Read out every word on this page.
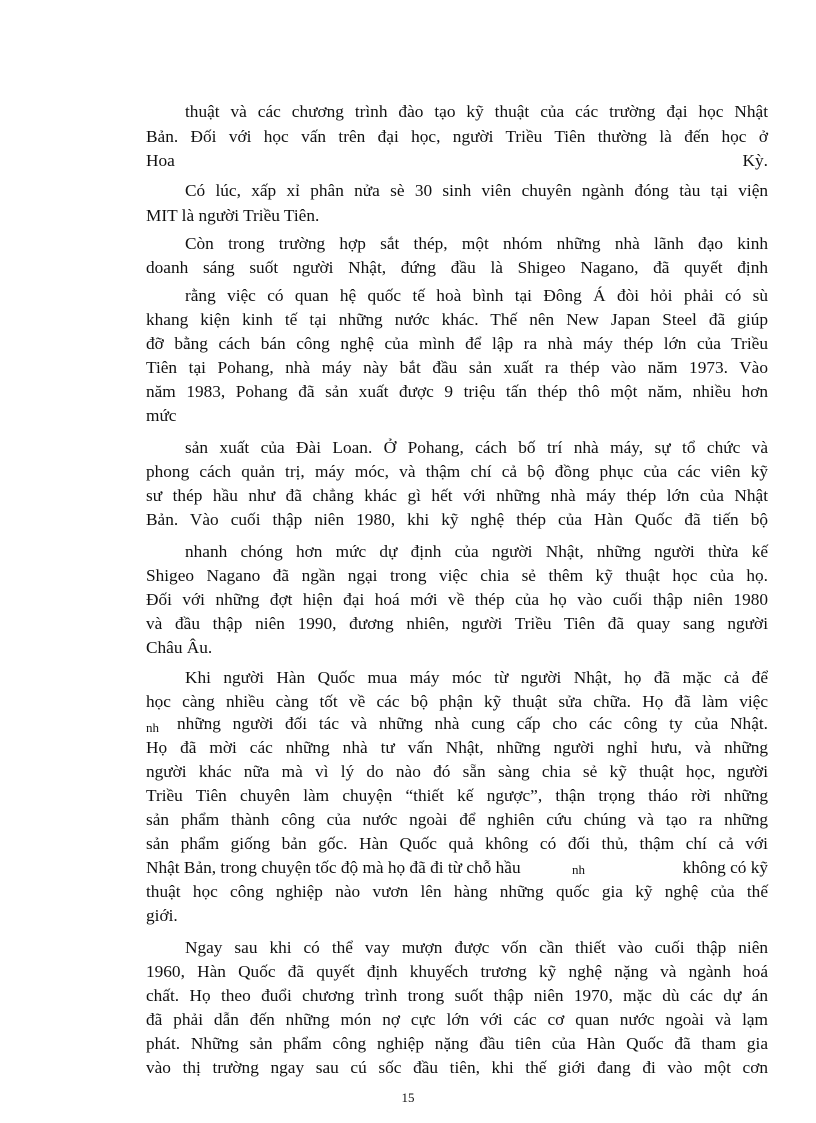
thuật và các chương trình đào tạo kỹ thuật của các trường đại học Nhật
Bản. Đối với học vấn trên đại học, người Triều Tiên thường là đến học ở
Hoa	Kỳ.
Có lúc, xấp xỉ phân nửa sè 30 sinh viên chuyên ngành đóng tàu tại viện
MIT là người Triều Tiên.
Còn trong trường hợp sắt thép, một nhóm những nhà lãnh đạo kinh
doanh sáng suốt người Nhật, đứng đầu là Shigeo Nagano, đã quyết định
rằng việc có quan hệ quốc tế hoà bình tại Đông Á đòi hỏi phải có sù
khang kiện kinh tế tại những nước khác. Thế nên New Japan Steel đã giúp
đỡ bằng cách bán công nghệ của mình để lập ra nhà máy thép lớn của Triều
Tiên tại Pohang, nhà máy này bắt đầu sản xuất ra thép vào năm 1973. Vào
năm 1983, Pohang đã sản xuất được 9 triệu tấn thép thô một năm, nhiều hơn
mức
sản xuất của Đài Loan. Ở Pohang, cách bố trí nhà máy, sự tổ chức và
phong cách quản trị, máy móc, và thậm chí cả bộ đồng phục của các viên kỹ
sư thép hầu như đã chẳng khác gì hết với những nhà máy thép lớn của Nhật
Bản. Vào cuối thập niên 1980, khi kỹ nghệ thép của Hàn Quốc đã tiến bộ
nhanh chóng hơn mức dự định của người Nhật, những người thừa kế
Shigeo Nagano đã ngần ngại trong việc chia sẻ thêm kỹ thuật học của họ.
Đối với những đợt hiện đại hoá mới về thép của họ vào cuối thập niên 1980
và đầu thập niên 1990, đương nhiên, người Triều Tiên đã quay sang người
Châu Âu.
Khi người Hàn Quốc mua máy móc từ người Nhật, họ đã mặc cả để
học càng nhiều càng tốt về các bộ phận kỹ thuật sửa chữa. Họ đã làm việc
nh	những người đối tác và những nhà cung cấp cho các công ty của Nhật.
Họ đã mời các những nhà tư vấn Nhật, những người nghỉ hưu, và những
người khác nữa mà vì lý do nào đó sẵn sàng chia sẻ kỹ thuật học, người
Triều Tiên chuyên làm chuyện “thiết kế ngược”, thận trọng tháo rời những
sản phẩm thành công của nước ngoài để nghiên cứu chúng và tạo ra những
sản phẩm giống bản gốc. Hàn Quốc quả không có đối thủ, thậm chí cả với
Nhật Bản, trong chuyện tốc độ mà họ đã đi từ chỗ hầu	nh	không có kỹ
thuật học công nghiệp nào vươn lên hàng những quốc gia kỹ nghệ của thế
giới.
Ngay sau khi có thể vay mượn được vốn cần thiết vào cuối thập niên
1960, Hàn Quốc đã quyết định khuyếch trương kỹ nghệ nặng và ngành hoá
chất. Họ theo đuổi chương trình trong suốt thập niên 1970, mặc dù các dự án
đã phải dẫn đến những món nợ cực lớn với các cơ quan nước ngoài và lạm
phát. Những sản phẩm công nghiệp nặng đầu tiên của Hàn Quốc đã tham gia
vào thị trường ngay sau cú sốc đầu tiên, khi thế giới đang đi vào một cơn
15
